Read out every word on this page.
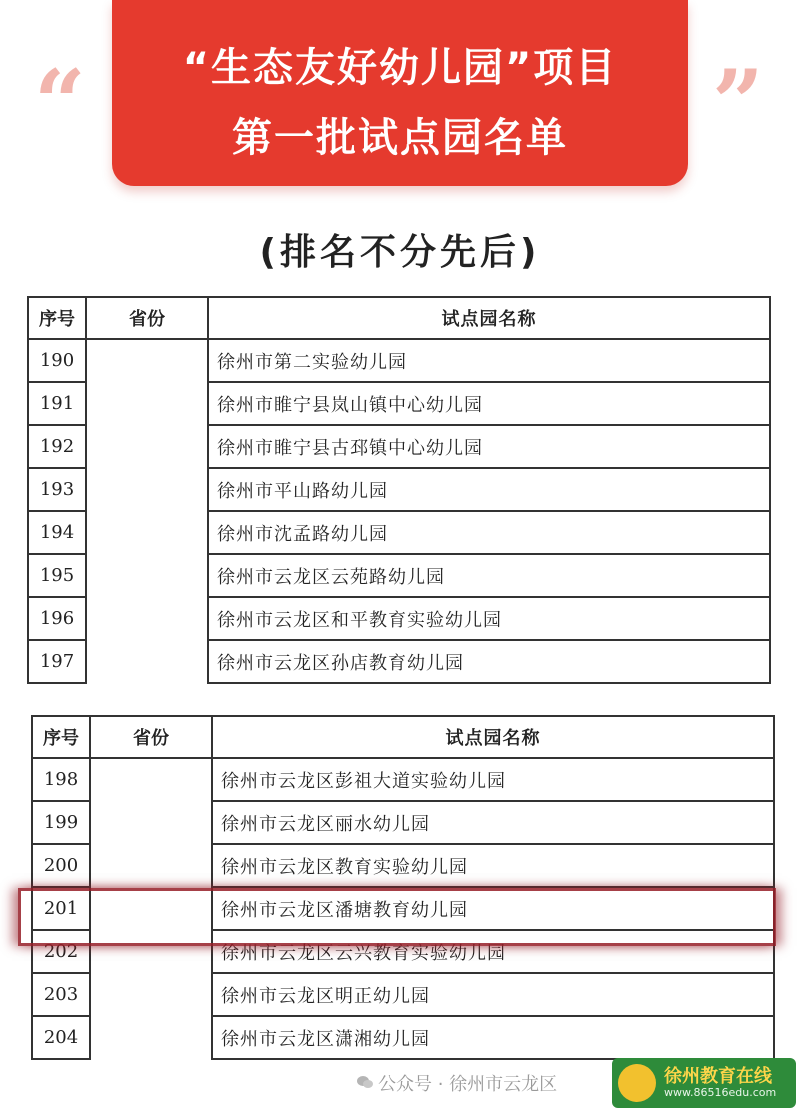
“生态友好幼儿园”项目
第一批试点园名单
“	”
(排名不分先后)
序号	省份	试点园名称
190		徐州市第二实验幼儿园
191		徐州市睢宁县岚山镇中心幼儿园
192		徐州市睢宁县古邳镇中心幼儿园
193		徐州市平山路幼儿园
194		徐州市沈孟路幼儿园
195		徐州市云龙区云苑路幼儿园
196		徐州市云龙区和平教育实验幼儿园
197		徐州市云龙区孙店教育幼儿园
序号	省份	试点园名称
198		徐州市云龙区彭祖大道实验幼儿园
199		徐州市云龙区丽水幼儿园
200		徐州市云龙区教育实验幼儿园
201		徐州市云龙区潘塘教育幼儿园
202		徐州市云龙区云兴教育实验幼儿园
203		徐州市云龙区明正幼儿园
204		徐州市云龙区潇湘幼儿园
公众号 · 徐州市云龙区	徐州教育在线
www.86516edu.com
